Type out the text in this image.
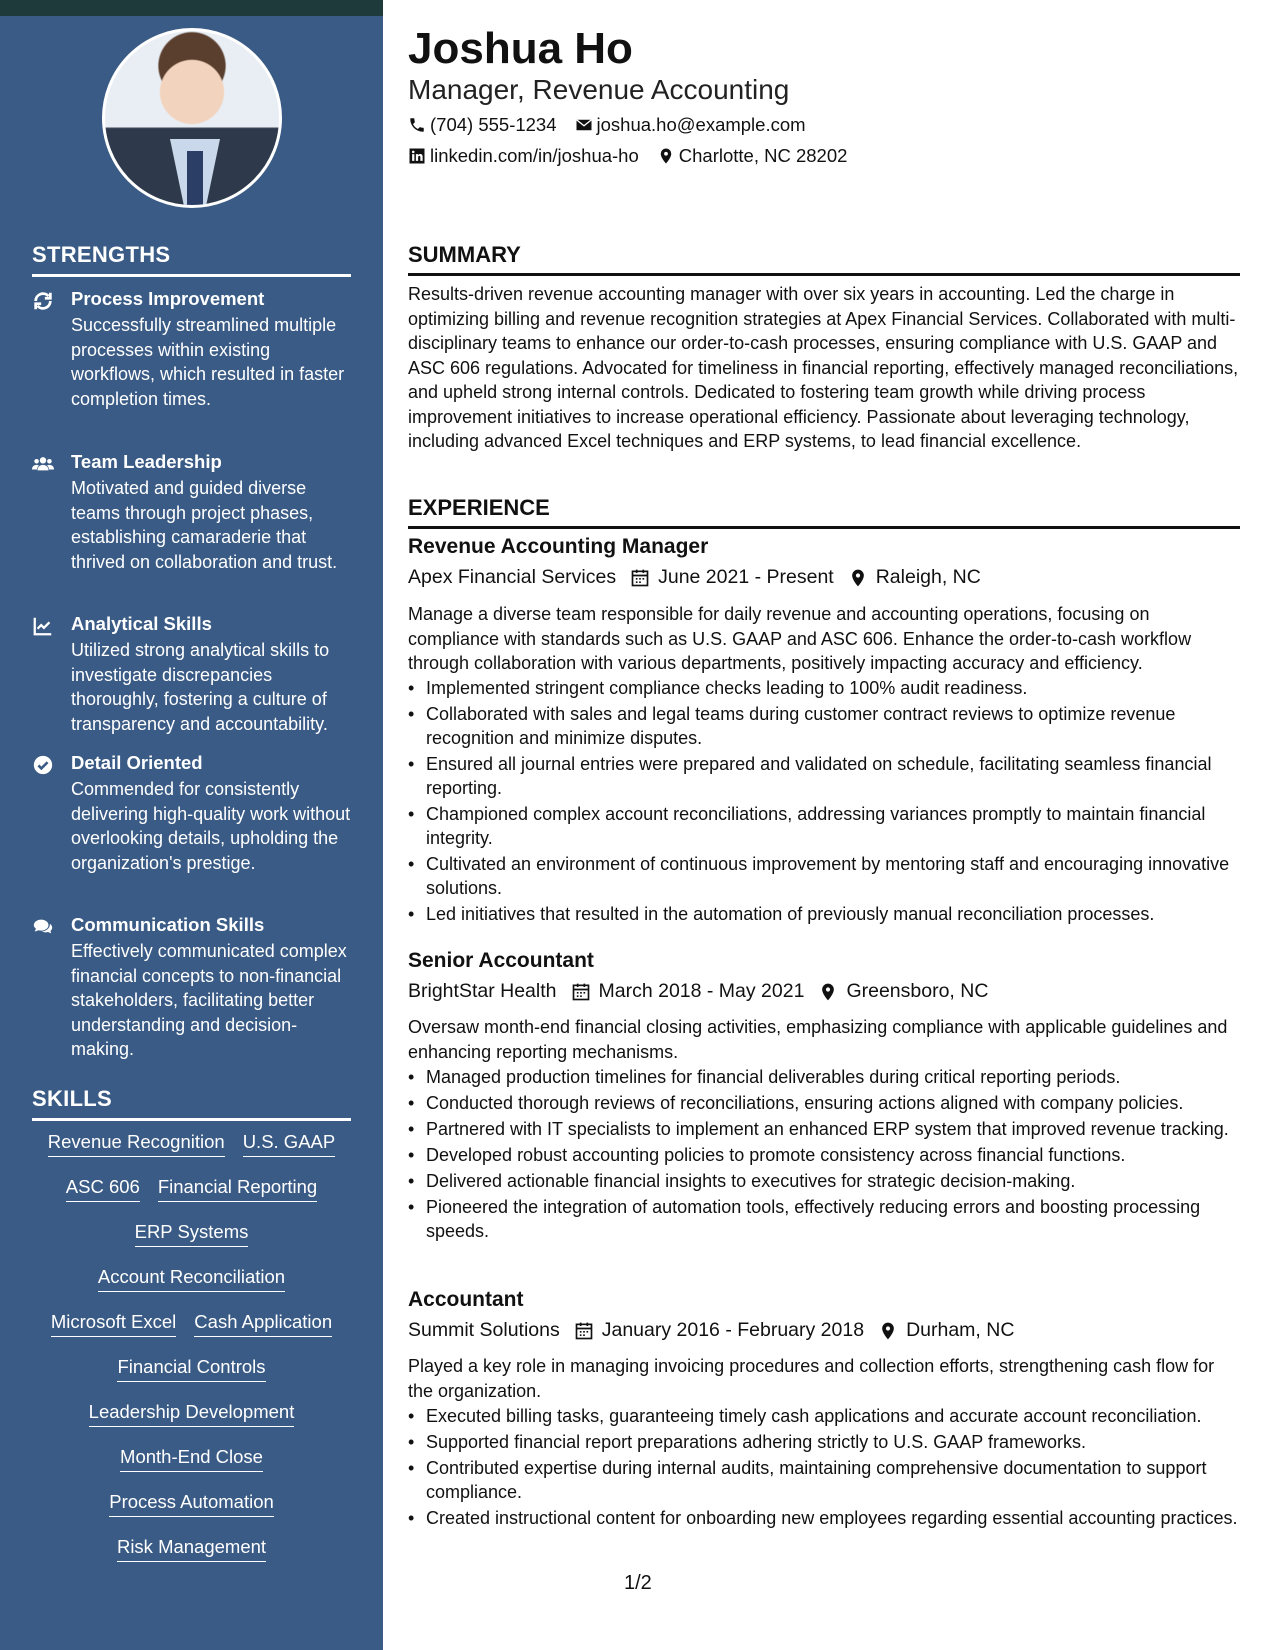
STRENGTHS
Process Improvement
Successfully streamlined multiple processes within existing workflows, which resulted in faster completion times.
Team Leadership
Motivated and guided diverse teams through project phases, establishing camaraderie that thrived on collaboration and trust.
Analytical Skills
Utilized strong analytical skills to investigate discrepancies thoroughly, fostering a culture of transparency and accountability.
Detail Oriented
Commended for consistently delivering high-quality work without overlooking details, upholding the organization's prestige.
Communication Skills
Effectively communicated complex financial concepts to non-financial stakeholders, facilitating better understanding and decision-making.
SKILLS
Revenue Recognition U.S. GAAP
ASC 606 Financial Reporting
ERP Systems
Account Reconciliation
Microsoft Excel Cash Application
Financial Controls
Leadership Development
Month-End Close
Process Automation
Risk Management
Joshua Ho
Manager, Revenue Accounting
(704) 555-1234 joshua.ho@example.com
linkedin.com/in/joshua-ho Charlotte, NC 28202
SUMMARY
Results-driven revenue accounting manager with over six years in accounting. Led the charge in optimizing billing and revenue recognition strategies at Apex Financial Services. Collaborated with multi-disciplinary teams to enhance our order-to-cash processes, ensuring compliance with U.S. GAAP and ASC 606 regulations. Advocated for timeliness in financial reporting, effectively managed reconciliations, and upheld strong internal controls. Dedicated to fostering team growth while driving process improvement initiatives to increase operational efficiency. Passionate about leveraging technology, including advanced Excel techniques and ERP systems, to lead financial excellence.
EXPERIENCE
Revenue Accounting Manager
Apex Financial Services June 2021 - Present Raleigh, NC
Manage a diverse team responsible for daily revenue and accounting operations, focusing on compliance with standards such as U.S. GAAP and ASC 606. Enhance the order-to-cash workflow through collaboration with various departments, positively impacting accuracy and efficiency.
• Implemented stringent compliance checks leading to 100% audit readiness.
• Collaborated with sales and legal teams during customer contract reviews to optimize revenue recognition and minimize disputes.
• Ensured all journal entries were prepared and validated on schedule, facilitating seamless financial reporting.
• Championed complex account reconciliations, addressing variances promptly to maintain financial integrity.
• Cultivated an environment of continuous improvement by mentoring staff and encouraging innovative solutions.
• Led initiatives that resulted in the automation of previously manual reconciliation processes.
Senior Accountant
BrightStar Health March 2018 - May 2021 Greensboro, NC
Oversaw month-end financial closing activities, emphasizing compliance with applicable guidelines and enhancing reporting mechanisms.
• Managed production timelines for financial deliverables during critical reporting periods.
• Conducted thorough reviews of reconciliations, ensuring actions aligned with company policies.
• Partnered with IT specialists to implement an enhanced ERP system that improved revenue tracking.
• Developed robust accounting policies to promote consistency across financial functions.
• Delivered actionable financial insights to executives for strategic decision-making.
• Pioneered the integration of automation tools, effectively reducing errors and boosting processing speeds.
Accountant
Summit Solutions January 2016 - February 2018 Durham, NC
Played a key role in managing invoicing procedures and collection efforts, strengthening cash flow for the organization.
• Executed billing tasks, guaranteeing timely cash applications and accurate account reconciliation.
• Supported financial report preparations adhering strictly to U.S. GAAP frameworks.
• Contributed expertise during internal audits, maintaining comprehensive documentation to support compliance.
• Created instructional content for onboarding new employees regarding essential accounting practices.
1/2
